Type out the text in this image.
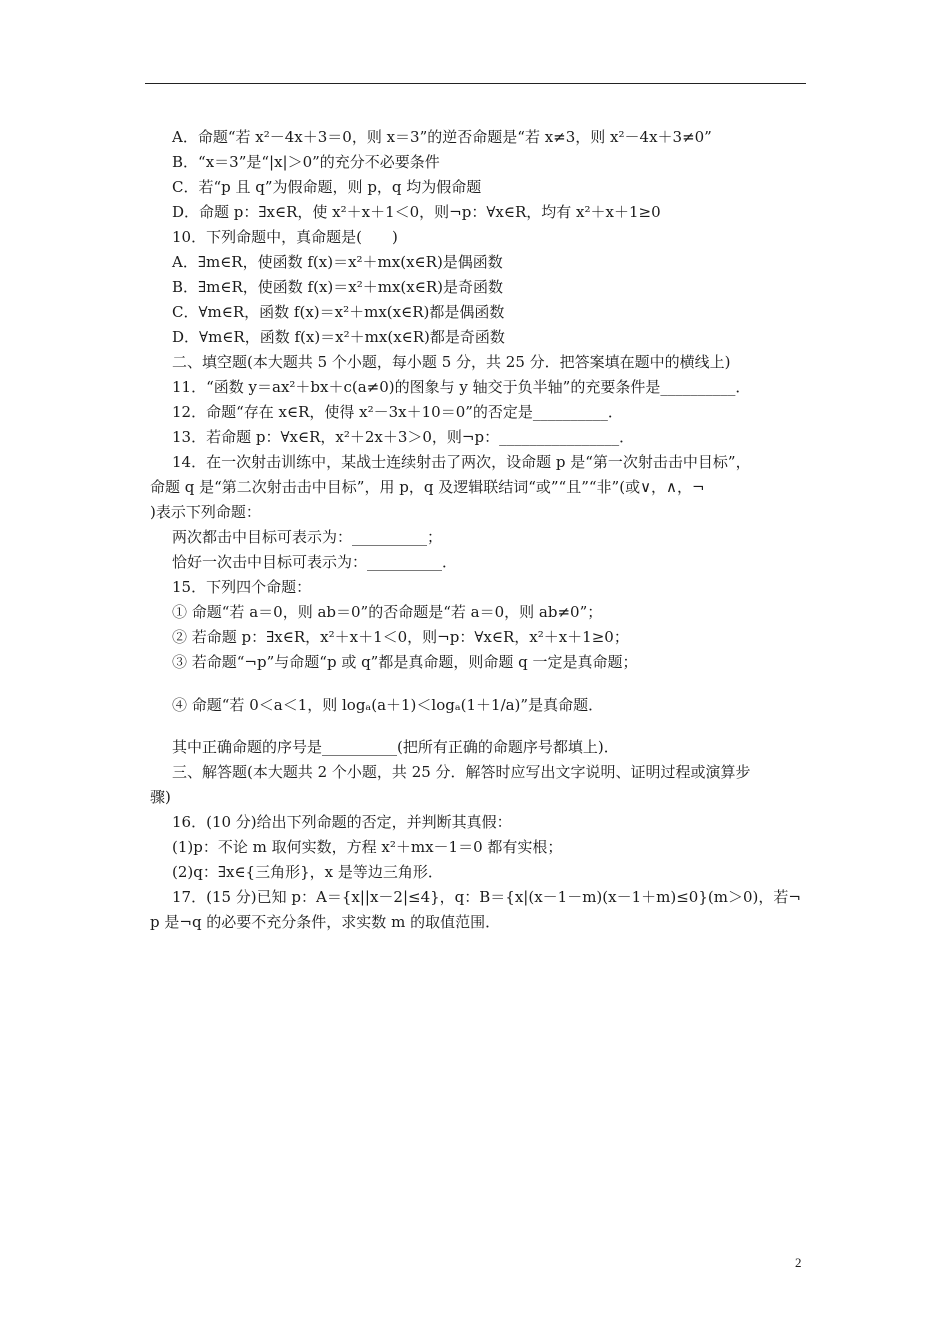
A．命题“若 x²－4x＋3＝0，则 x＝3”的逆否命题是“若 x≠3，则 x²－4x＋3≠0”
B．“x＝3”是“|x|＞0”的充分不必要条件
C．若“p 且 q”为假命题，则 p，q 均为假命题
D．命题 p：∃x∈R，使 x²＋x＋1＜0，则¬p：∀x∈R，均有 x²＋x＋1≥0
10．下列命题中，真命题是(　　)
A．∃m∈R，使函数 f(x)＝x²＋mx(x∈R)是偶函数
B．∃m∈R，使函数 f(x)＝x²＋mx(x∈R)是奇函数
C．∀m∈R，函数 f(x)＝x²＋mx(x∈R)都是偶函数
D．∀m∈R，函数 f(x)＝x²＋mx(x∈R)都是奇函数
二、填空题(本大题共 5 个小题，每小题 5 分，共 25 分．把答案填在题中的横线上)
11．“函数 y＝ax²＋bx＋c(a≠0)的图象与 y 轴交于负半轴”的充要条件是__________．
12．命题“存在 x∈R，使得 x²－3x＋10＝0”的否定是__________．
13．若命题 p：∀x∈R，x²＋2x＋3＞0，则¬p：________________．
14．在一次射击训练中，某战士连续射击了两次，设命题 p 是“第一次射击击中目标”，
命题 q 是“第二次射击击中目标”，用 p，q 及逻辑联结词“或”“且”“非”(或∨，∧，¬
)表示下列命题：
两次都击中目标可表示为：__________；
恰好一次击中目标可表示为：__________．
15．下列四个命题：
① 命题“若 a＝0，则 ab＝0”的否命题是“若 a＝0，则 ab≠0”；
② 若命题 p：∃x∈R，x²＋x＋1＜0，则¬p：∀x∈R，x²＋x＋1≥0；
③ 若命题“¬p”与命题“p 或 q”都是真命题，则命题 q 一定是真命题；
④ 命题“若 0＜a＜1，则 logₐ(a＋1)＜logₐ(1＋1/a)”是真命题．
其中正确命题的序号是__________(把所有正确的命题序号都填上)．
三、解答题(本大题共 2 个小题，共 25 分．解答时应写出文字说明、证明过程或演算步
骤)
16．(10 分)给出下列命题的否定，并判断其真假：
(1)p：不论 m 取何实数，方程 x²＋mx－1＝0 都有实根；
(2)q：∃x∈{三角形}，x 是等边三角形．
17．(15 分)已知 p：A＝{x||x－2|≤4}，q：B＝{x|(x－1－m)(x－1＋m)≤0}(m＞0)，若¬
p 是¬q 的必要不充分条件，求实数 m 的取值范围．
2
